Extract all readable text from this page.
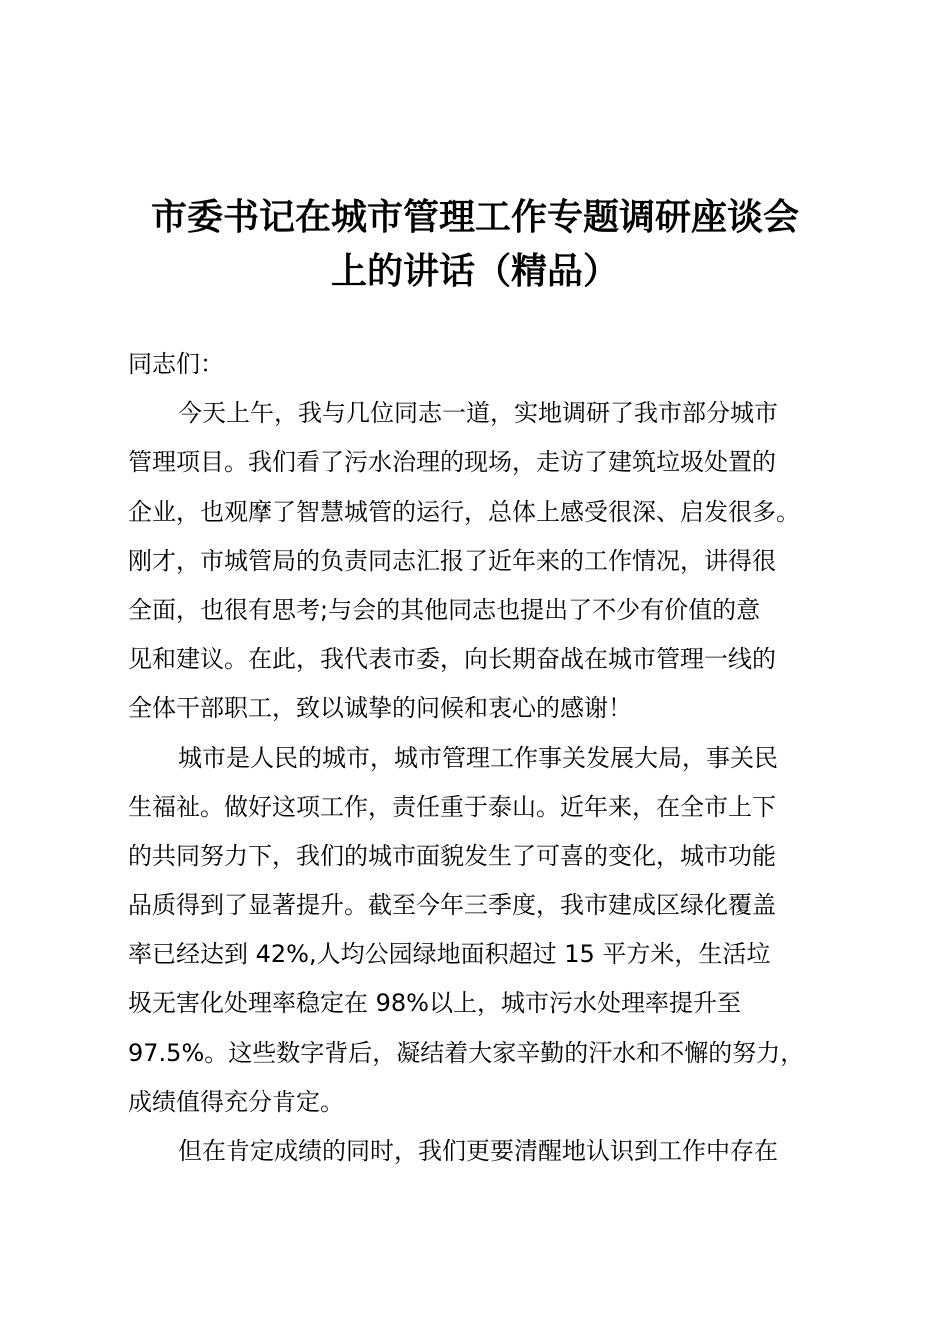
市委书记在城市管理工作专题调研座谈会
上的讲话（精品）
同志们：
今天上午，我与几位同志一道，实地调研了我市部分城市
管理项目。我们看了污水治理的现场，走访了建筑垃圾处置的
企业，也观摩了智慧城管的运行，总体上感受很深、启发很多。
刚才，市城管局的负责同志汇报了近年来的工作情况，讲得很
全面，也很有思考;与会的其他同志也提出了不少有价值的意
见和建议。在此，我代表市委，向长期奋战在城市管理一线的
全体干部职工，致以诚挚的问候和衷心的感谢！
城市是人民的城市，城市管理工作事关发展大局，事关民
生福祉。做好这项工作，责任重于泰山。近年来，在全市上下
的共同努力下，我们的城市面貌发生了可喜的变化，城市功能
品质得到了显著提升。截至今年三季度，我市建成区绿化覆盖
率已经达到 42%,人均公园绿地面积超过 15 平方米，生活垃
圾无害化处理率稳定在 98%以上，城市污水处理率提升至
97.5%。这些数字背后，凝结着大家辛勤的汗水和不懈的努力，
成绩值得充分肯定。
但在肯定成绩的同时，我们更要清醒地认识到工作中存在
